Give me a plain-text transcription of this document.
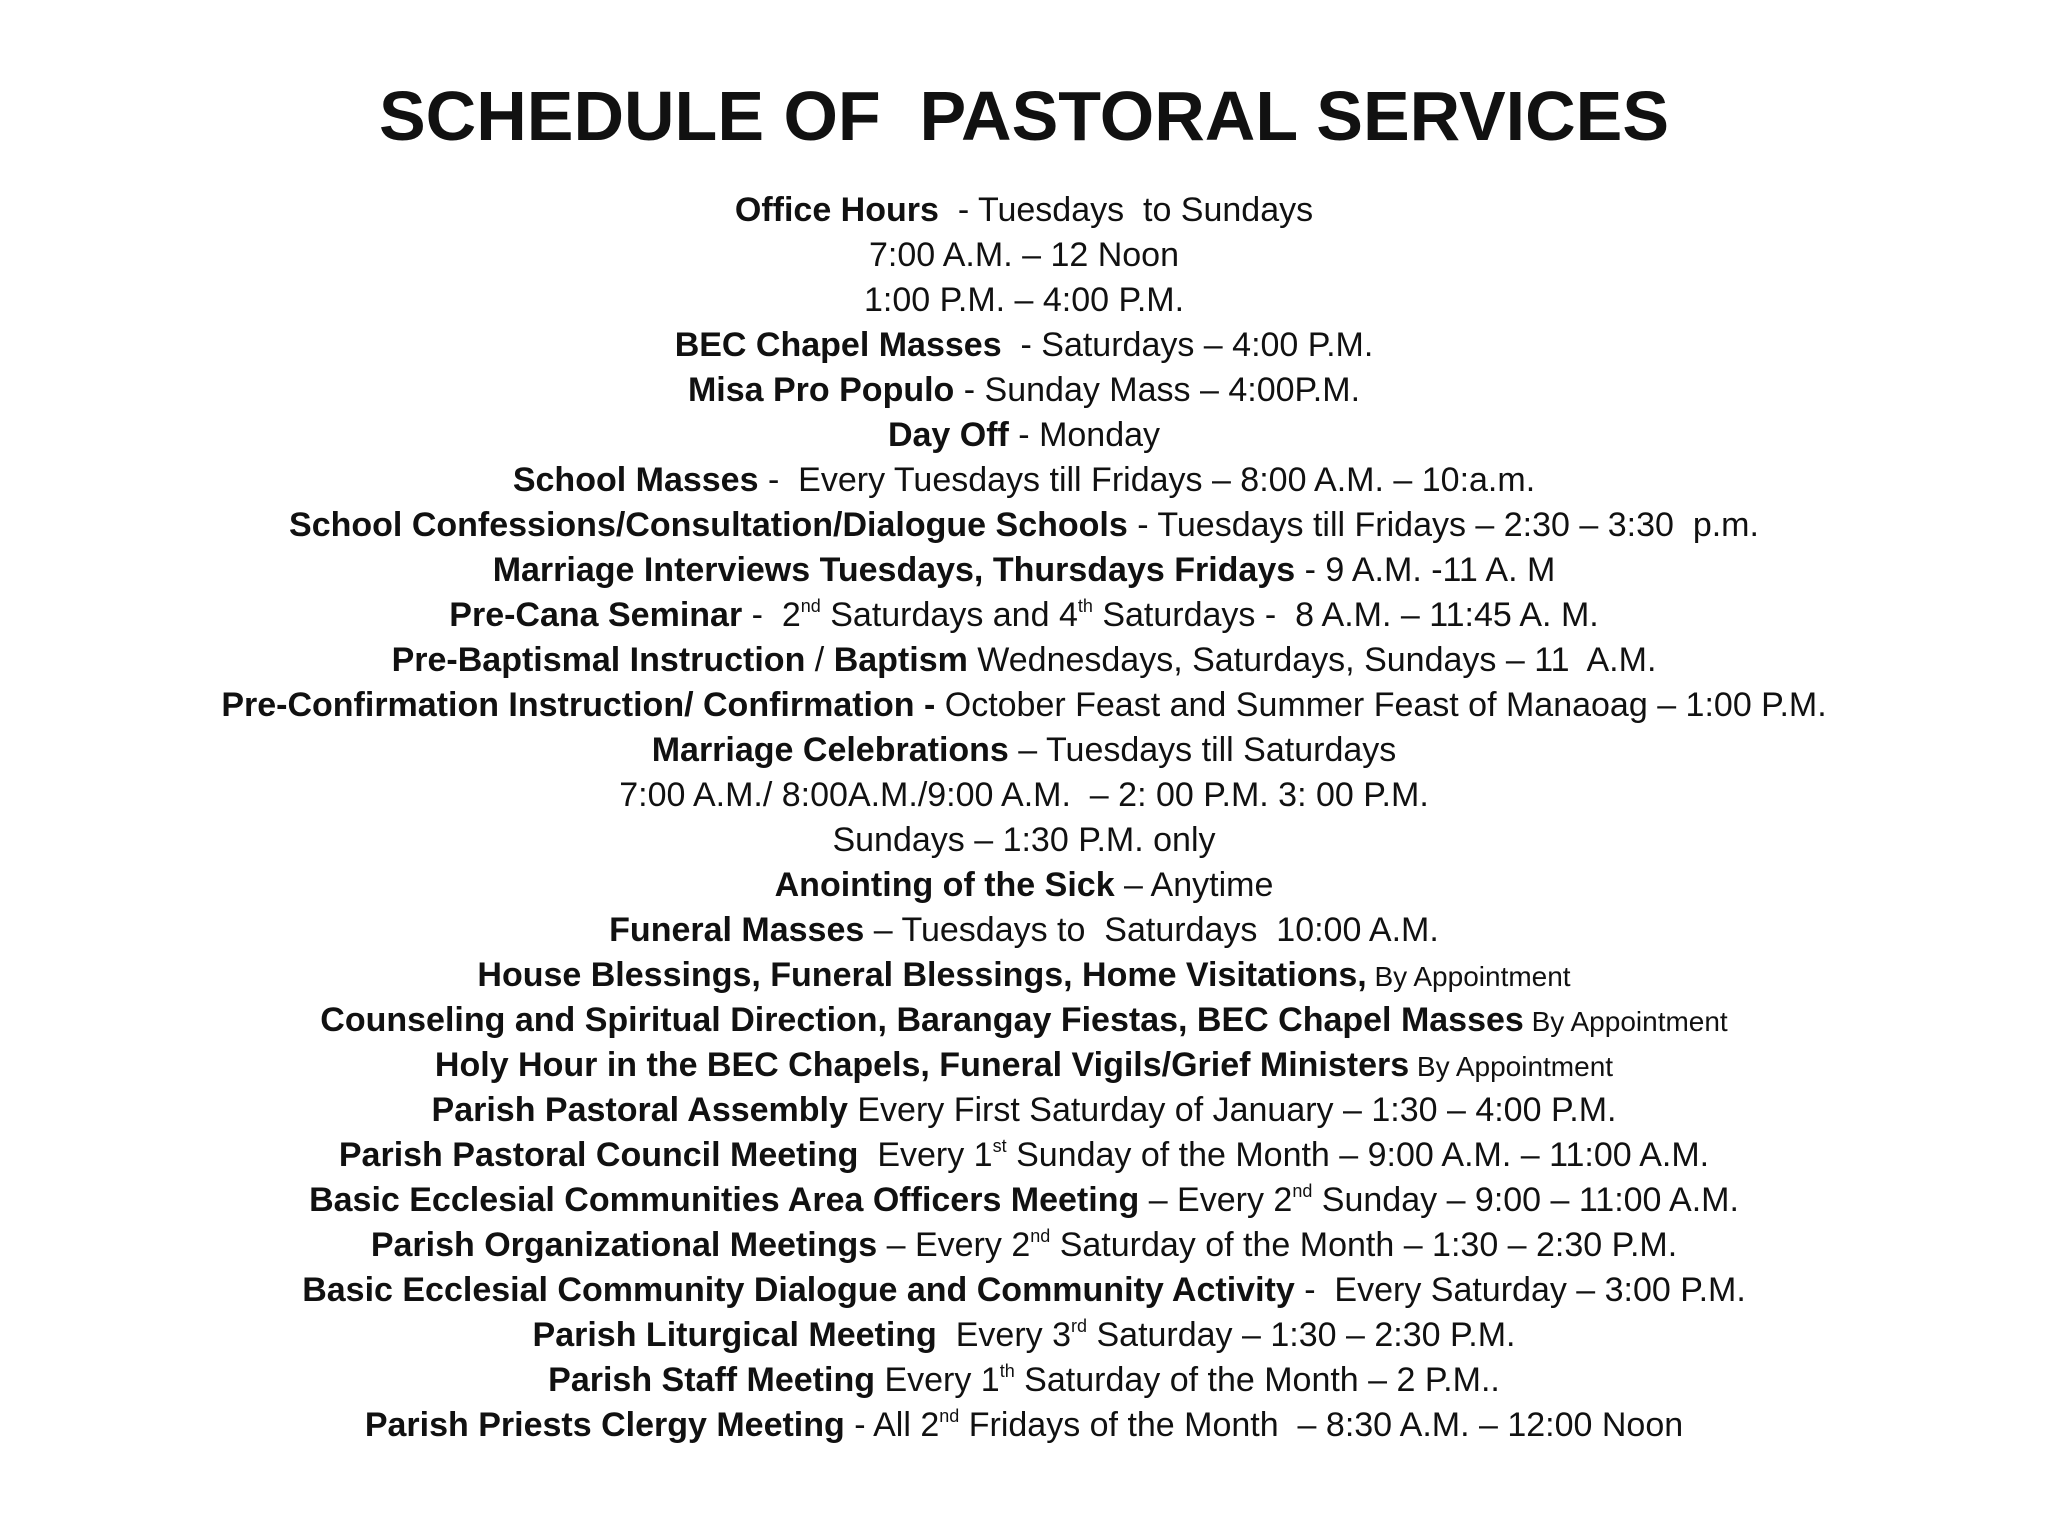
SCHEDULE OF  PASTORAL SERVICES
Office Hours  - Tuesdays  to Sundays
7:00 A.M. – 12 Noon
1:00 P.M. – 4:00 P.M.
BEC Chapel Masses  - Saturdays – 4:00 P.M.
Misa Pro Populo - Sunday Mass – 4:00P.M.
Day Off - Monday
School Masses -  Every Tuesdays till Fridays – 8:00 A.M. – 10:a.m.
School Confessions/Consultation/Dialogue Schools - Tuesdays till Fridays – 2:30 – 3:30  p.m.
Marriage Interviews Tuesdays, Thursdays Fridays - 9 A.M. -11 A. M
Pre-Cana Seminar -  2nd Saturdays and 4th Saturdays -  8 A.M. – 11:45 A. M.
Pre-Baptismal Instruction / Baptism Wednesdays, Saturdays, Sundays – 11  A.M.
Pre-Confirmation Instruction/ Confirmation - October Feast and Summer Feast of Manaoag – 1:00 P.M.
Marriage Celebrations – Tuesdays till Saturdays
7:00 A.M./ 8:00A.M./9:00 A.M.  – 2: 00 P.M. 3: 00 P.M.
Sundays – 1:30 P.M. only
Anointing of the Sick – Anytime
Funeral Masses – Tuesdays to  Saturdays  10:00 A.M.
House Blessings, Funeral Blessings, Home Visitations, By Appointment
Counseling and Spiritual Direction, Barangay Fiestas, BEC Chapel Masses By Appointment
Holy Hour in the BEC Chapels, Funeral Vigils/Grief Ministers By Appointment
Parish Pastoral Assembly Every First Saturday of January – 1:30 – 4:00 P.M.
Parish Pastoral Council Meeting  Every 1st Sunday of the Month – 9:00 A.M. – 11:00 A.M.
Basic Ecclesial Communities Area Officers Meeting – Every 2nd Sunday – 9:00 – 11:00 A.M.
Parish Organizational Meetings – Every 2nd Saturday of the Month – 1:30 – 2:30 P.M.
Basic Ecclesial Community Dialogue and Community Activity -  Every Saturday – 3:00 P.M.
Parish Liturgical Meeting  Every 3rd Saturday – 1:30 – 2:30 P.M.
Parish Staff Meeting Every 1th Saturday of the Month – 2 P.M..
Parish Priests Clergy Meeting - All 2nd Fridays of the Month  – 8:30 A.M. – 12:00 Noon
